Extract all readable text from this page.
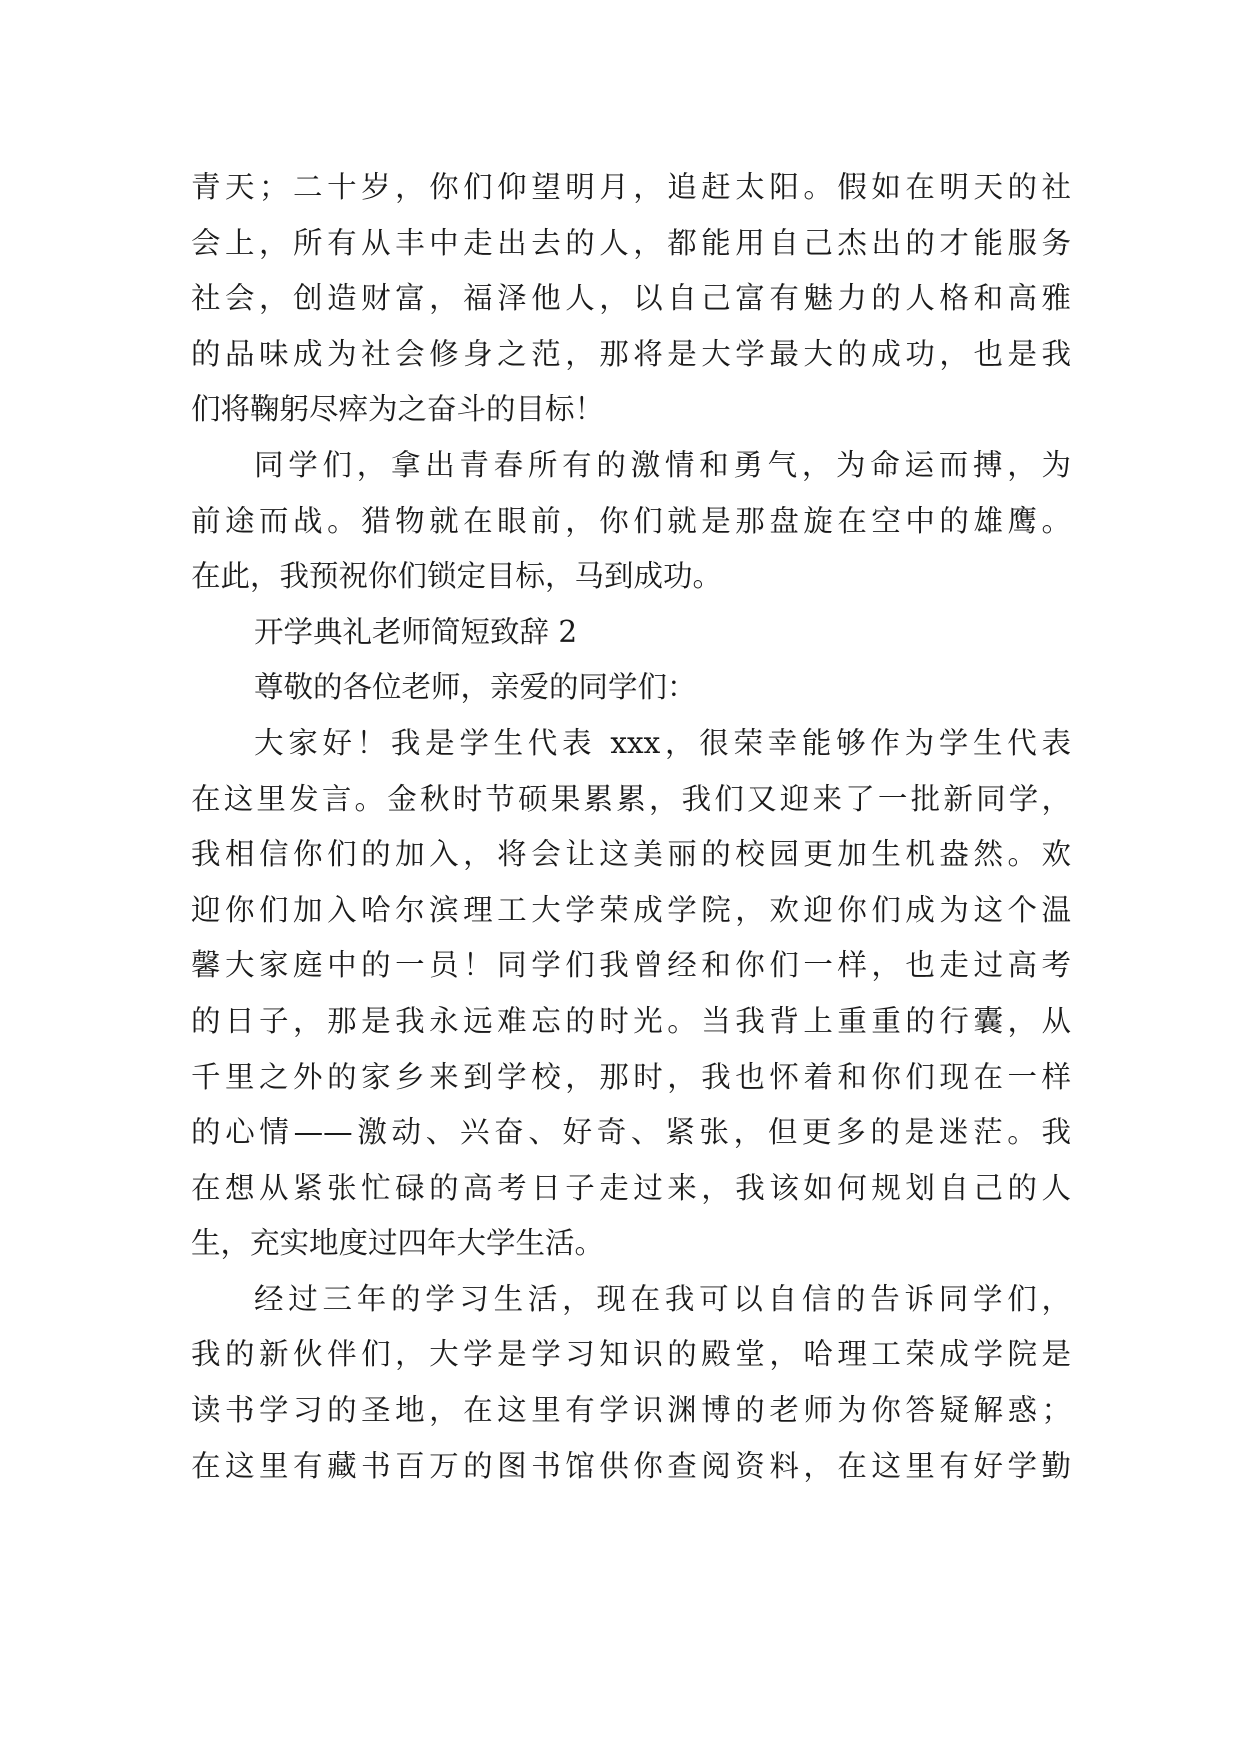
青天；二十岁，你们仰望明月，追赶太阳。假如在明天的社
会上，所有从丰中走出去的人，都能用自己杰出的才能服务
社会，创造财富，福泽他人，以自己富有魅力的人格和高雅
的品味成为社会修身之范，那将是大学最大的成功，也是我
们将鞠躬尽瘁为之奋斗的目标！
同学们，拿出青春所有的激情和勇气，为命运而搏，为
前途而战。猎物就在眼前，你们就是那盘旋在空中的雄鹰。
在此，我预祝你们锁定目标，马到成功。
开学典礼老师简短致辞 2
尊敬的各位老师，亲爱的同学们：
大家好！我是学生代表 xxx，很荣幸能够作为学生代表
在这里发言。金秋时节硕果累累，我们又迎来了一批新同学，
我相信你们的加入，将会让这美丽的校园更加生机盎然。欢
迎你们加入哈尔滨理工大学荣成学院，欢迎你们成为这个温
馨大家庭中的一员！同学们我曾经和你们一样，也走过高考
的日子，那是我永远难忘的时光。当我背上重重的行囊，从
千里之外的家乡来到学校，那时，我也怀着和你们现在一样
的心情——激动、兴奋、好奇、紧张，但更多的是迷茫。我
在想从紧张忙碌的高考日子走过来，我该如何规划自己的人
生，充实地度过四年大学生活。
经过三年的学习生活，现在我可以自信的告诉同学们，
我的新伙伴们，大学是学习知识的殿堂，哈理工荣成学院是
读书学习的圣地，在这里有学识渊博的老师为你答疑解惑；
在这里有藏书百万的图书馆供你查阅资料，在这里有好学勤
